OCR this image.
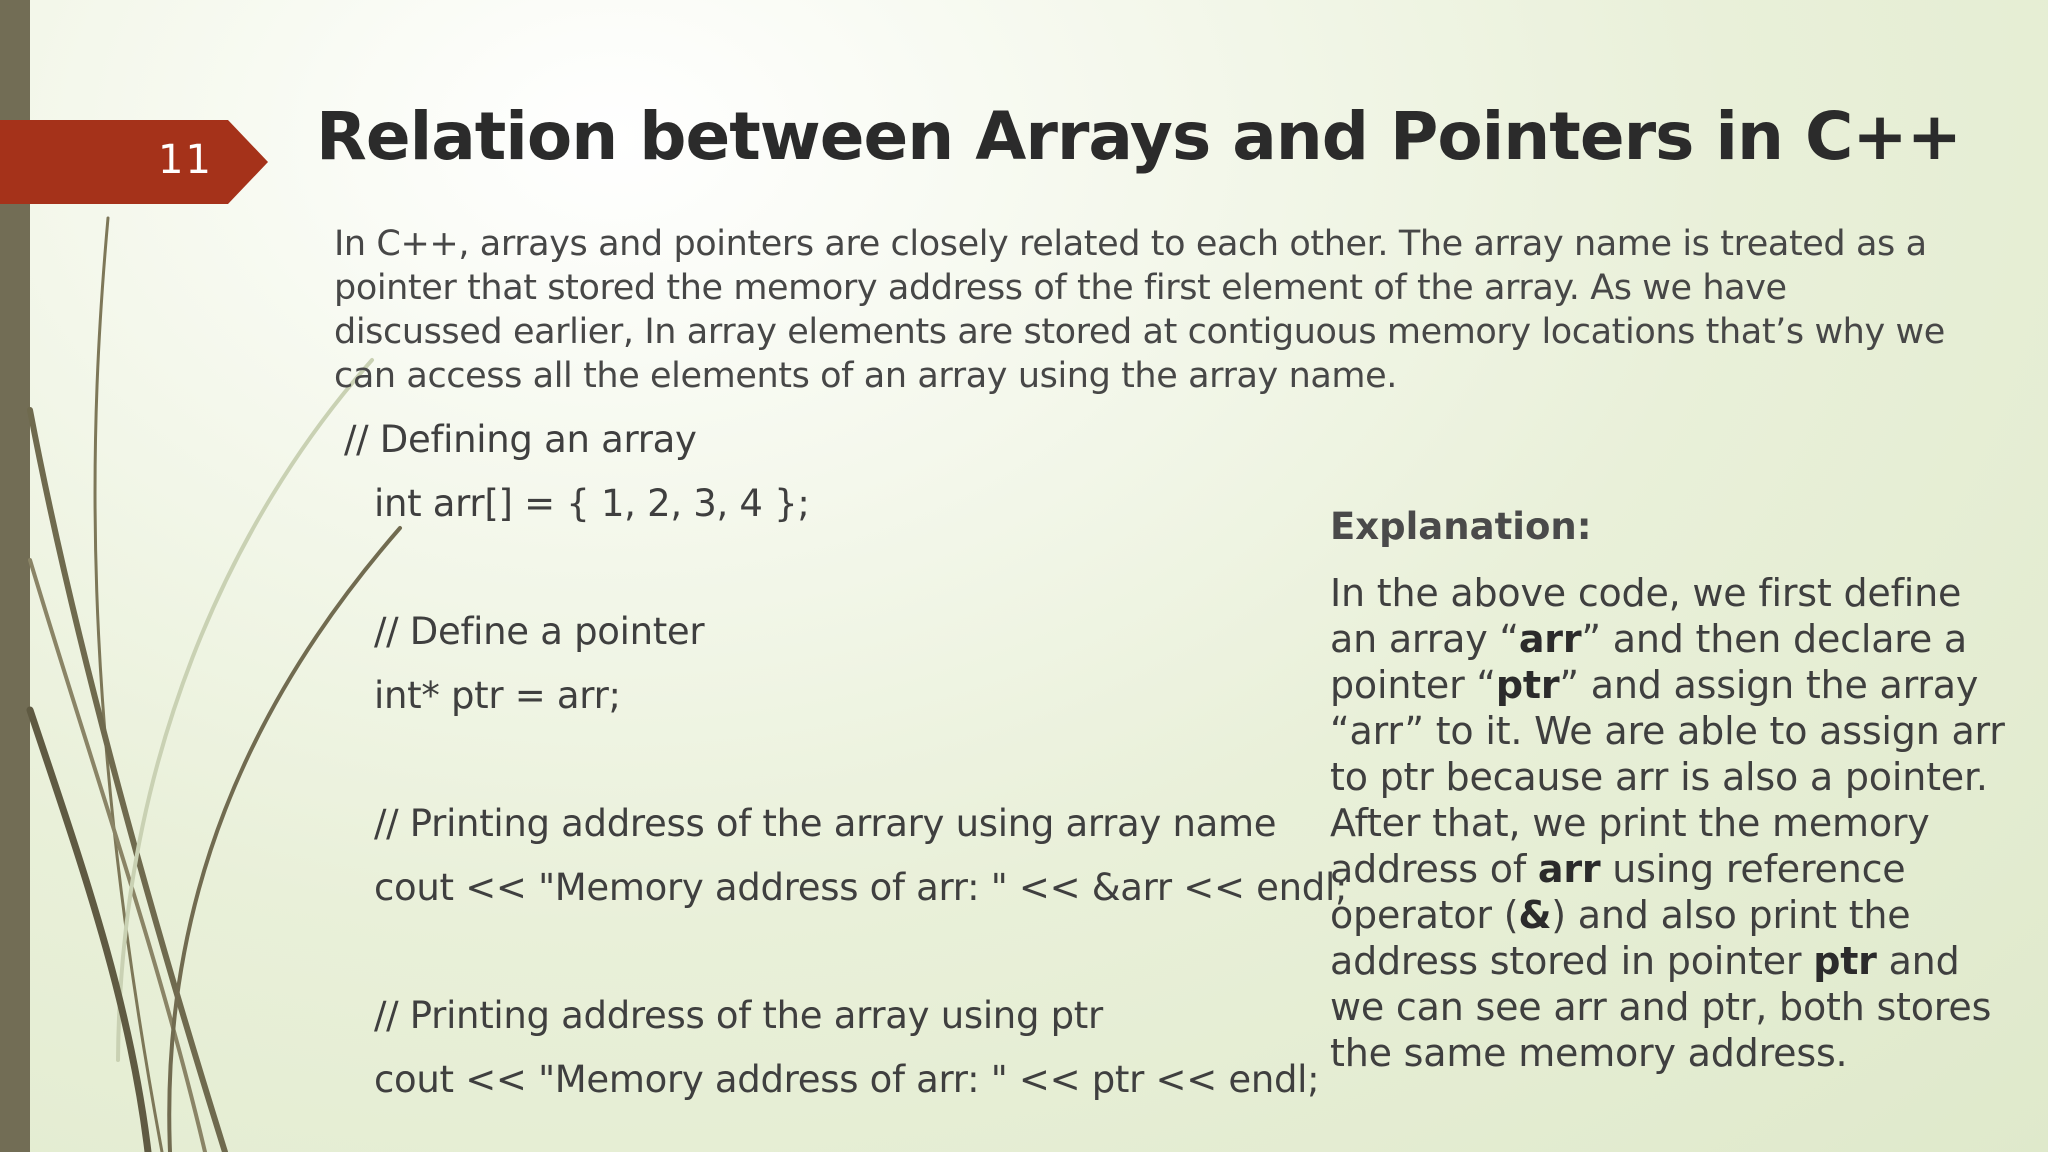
11 Relation between Arrays and Pointers in C++
In C++, arrays and pointers are closely related to each other. The array name is treated as a
pointer that stored the memory address of the first element of the array. As we have
discussed earlier, In array elements are stored at contiguous memory locations that’s why we
can access all the elements of an array using the array name.
// Defining an array
int arr[] = { 1, 2, 3, 4 };
// Define a pointer
int* ptr = arr;
// Printing address of the arrary using array name
cout << "Memory address of arr: " << &arr << endl;
// Printing address of the array using ptr
cout << "Memory address of arr: " << ptr << endl;
Explanation:
In the above code, we first define
an array “arr” and then declare a
pointer “ptr” and assign the array
“arr” to it. We are able to assign arr
to ptr because arr is also a pointer.
After that, we print the memory
address of arr using reference
operator (&) and also print the
address stored in pointer ptr and
we can see arr and ptr, both stores
the same memory address.
